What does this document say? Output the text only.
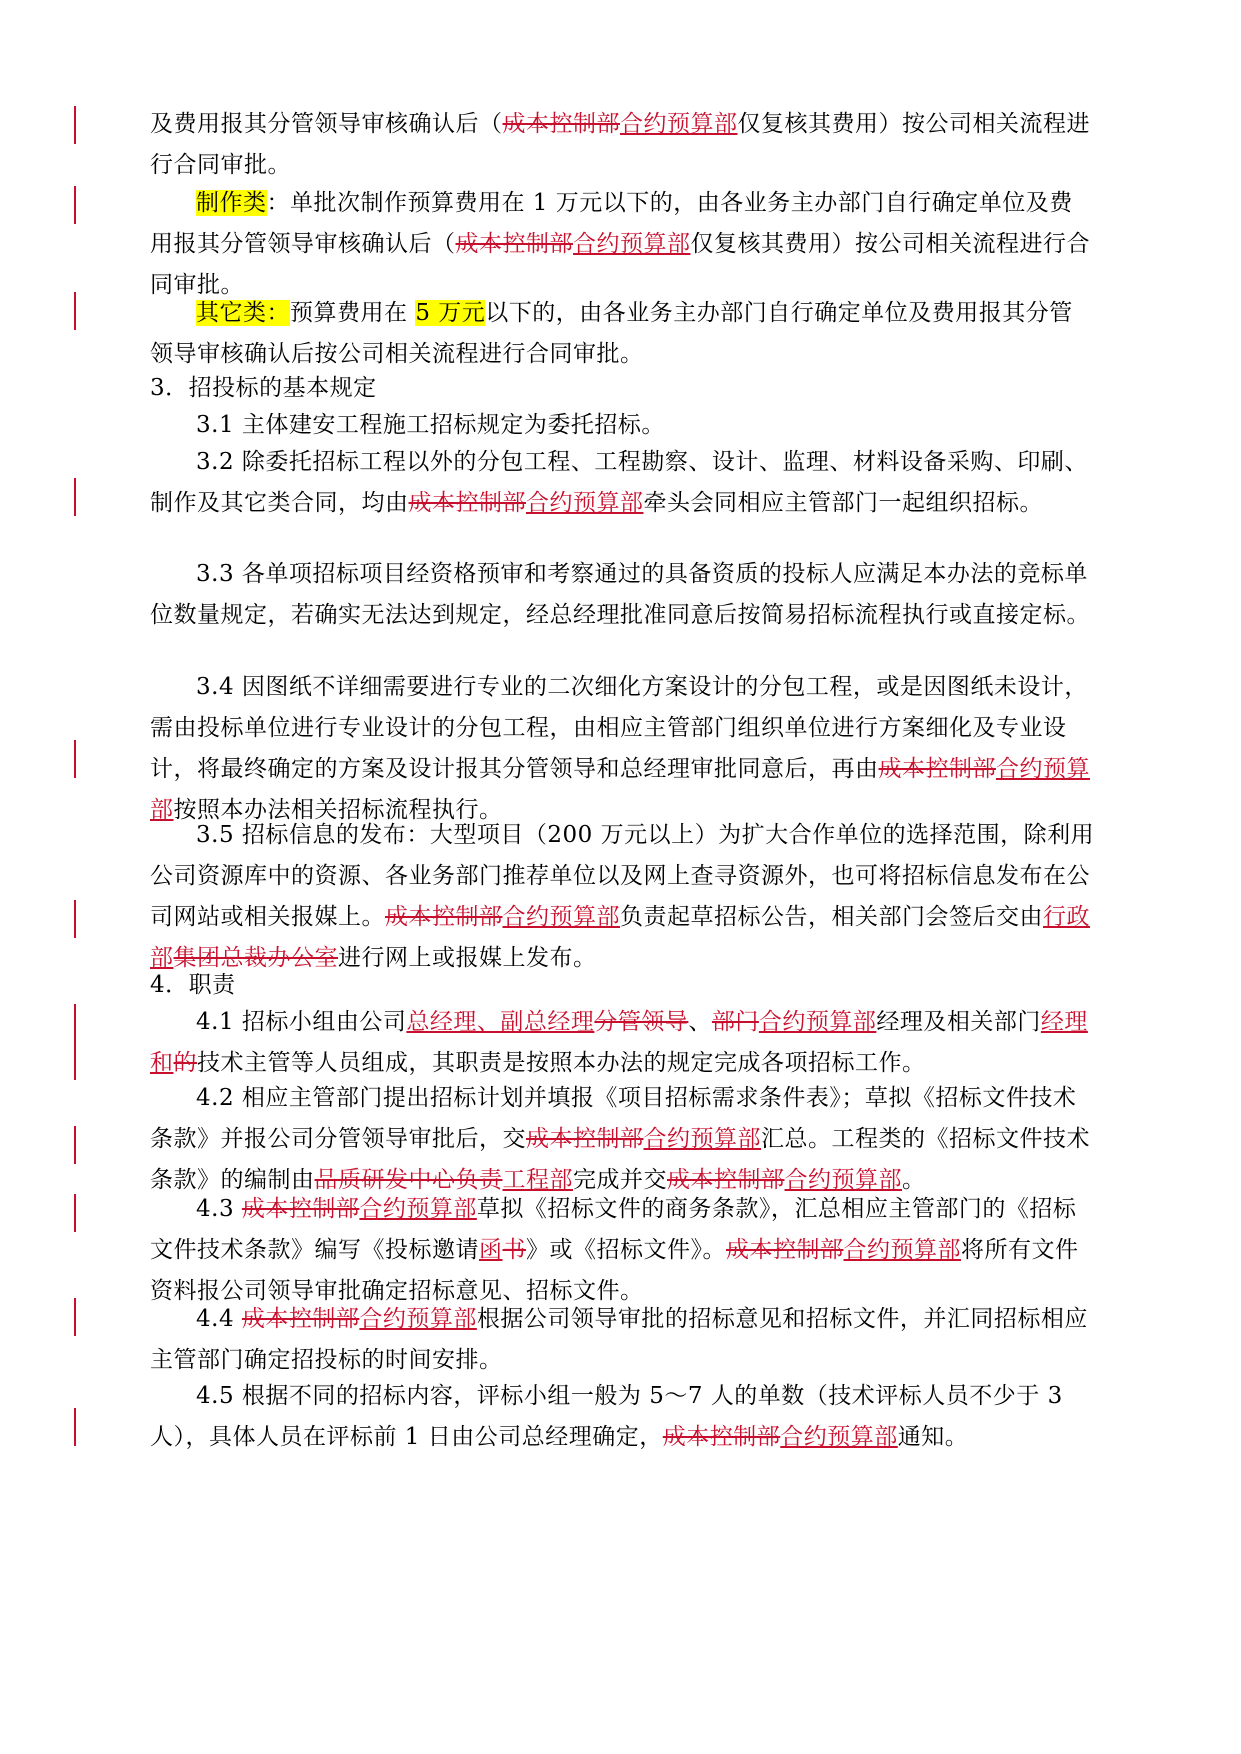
及费用报其分管领导审核确认后（成本控制部合约预算部仅复核其费用）按公司相关流程进行合同审批。
制作类：单批次制作预算费用在 1 万元以下的，由各业务主办部门自行确定单位及费用报其分管领导审核确认后（成本控制部合约预算部仅复核其费用）按公司相关流程进行合同审批。
其它类：预算费用在 5 万元以下的，由各业务主办部门自行确定单位及费用报其分管领导审核确认后按公司相关流程进行合同审批。
3．招投标的基本规定
3.1 主体建安工程施工招标规定为委托招标。
3.2 除委托招标工程以外的分包工程、工程勘察、设计、监理、材料设备采购、印刷、制作及其它类合同，均由成本控制部合约预算部牵头会同相应主管部门一起组织招标。
3.3 各单项招标项目经资格预审和考察通过的具备资质的投标人应满足本办法的竞标单位数量规定，若确实无法达到规定，经总经理批准同意后按简易招标流程执行或直接定标。
3.4 因图纸不详细需要进行专业的二次细化方案设计的分包工程，或是因图纸未设计，需由投标单位进行专业设计的分包工程，由相应主管部门组织单位进行方案细化及专业设计，将最终确定的方案及设计报其分管领导和总经理审批同意后，再由成本控制部合约预算部按照本办法相关招标流程执行。
3.5 招标信息的发布：大型项目（200 万元以上）为扩大合作单位的选择范围，除利用公司资源库中的资源、各业务部门推荐单位以及网上查寻资源外，也可将招标信息发布在公司网站或相关报媒上。成本控制部合约预算部负责起草招标公告，相关部门会签后交由行政部集团总裁办公室进行网上或报媒上发布。
4．职责
4.1 招标小组由公司总经理、副总经理分管领导、部门合约预算部经理及相关部门经理和的技术主管等人员组成，其职责是按照本办法的规定完成各项招标工作。
4.2 相应主管部门提出招标计划并填报《项目招标需求条件表》；草拟《招标文件技术条款》并报公司分管领导审批后，交成本控制部合约预算部汇总。工程类的《招标文件技术条款》的编制由品质研发中心负责工程部完成并交成本控制部合约预算部。
4.3 成本控制部合约预算部草拟《招标文件的商务条款》，汇总相应主管部门的《招标文件技术条款》编写《投标邀请函书》或《招标文件》。成本控制部合约预算部将所有文件资料报公司领导审批确定招标意见、招标文件。
4.4 成本控制部合约预算部根据公司领导审批的招标意见和招标文件，并汇同招标相应主管部门确定招投标的时间安排。
4.5 根据不同的招标内容，评标小组一般为 5～7 人的单数（技术评标人员不少于 3 人），具体人员在评标前 1 日由公司总经理确定，成本控制部合约预算部通知。
